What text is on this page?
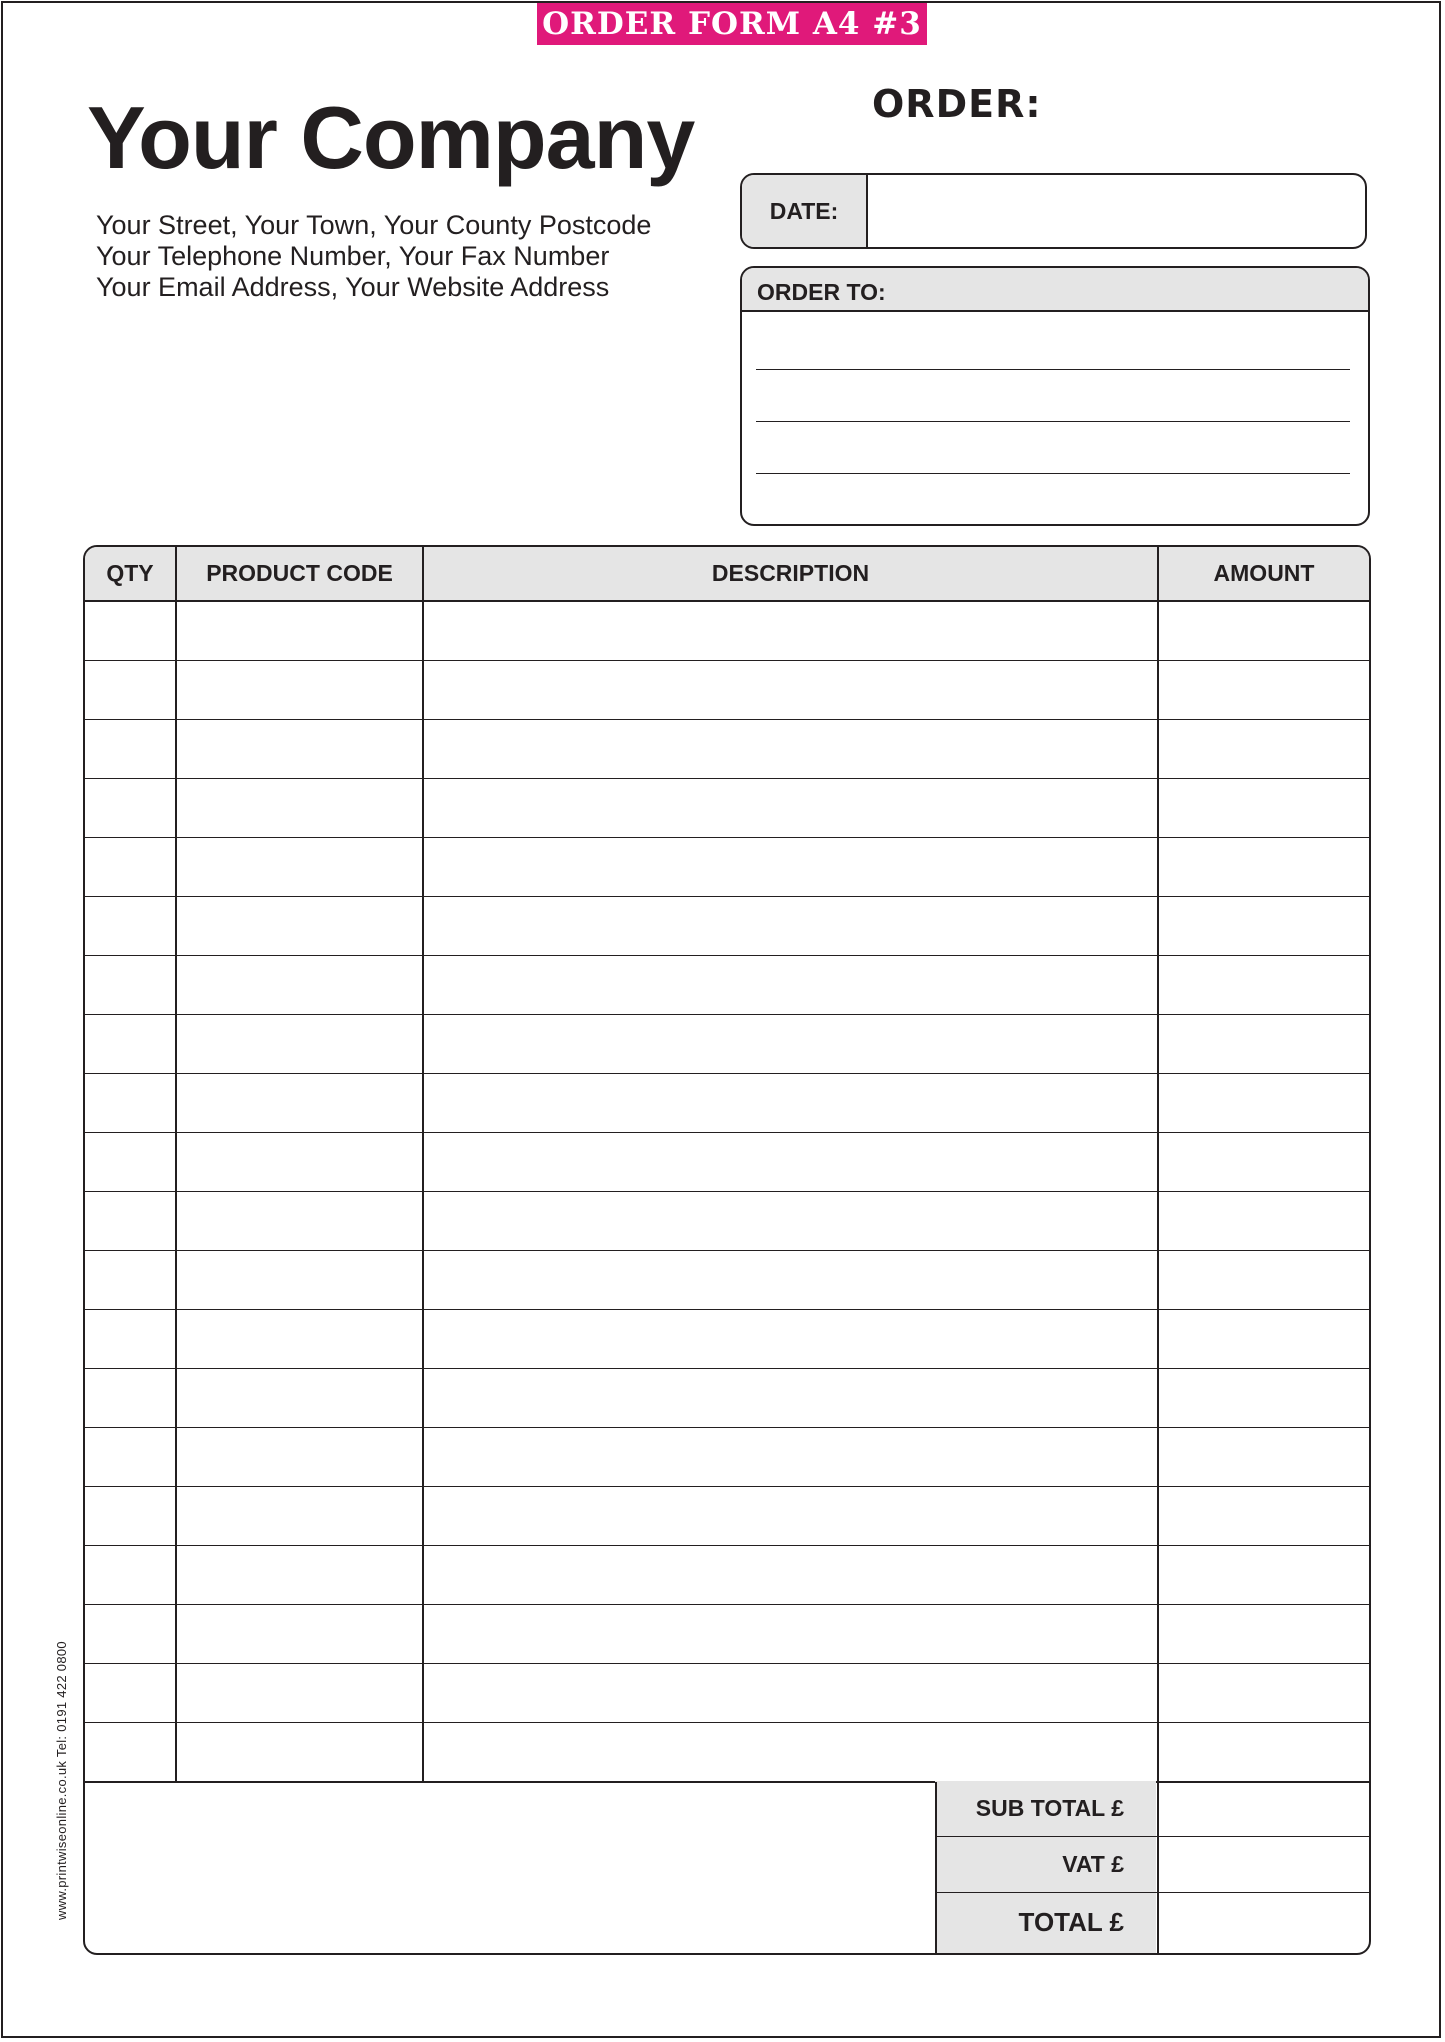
ORDER FORM A4 #3
Your Company
Your Street, Your Town, Your County Postcode
Your Telephone Number, Your Fax Number
Your Email Address, Your Website Address
ORDER:
DATE:
ORDER TO:
QTY	PRODUCT CODE	DESCRIPTION	AMOUNT
SUB TOTAL £
VAT £
TOTAL £
www.printwiseonline.co.uk Tel: 0191 422 0800
